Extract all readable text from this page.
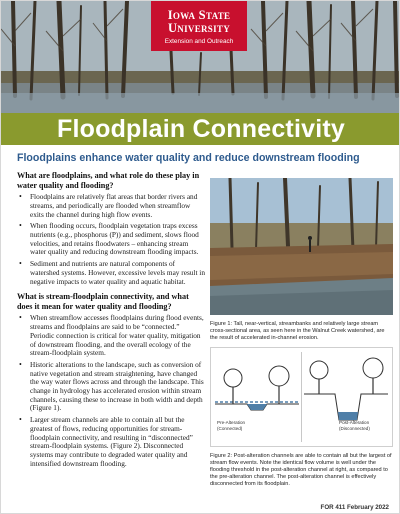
Iowa State University
Extension and Outreach
Floodplain Connectivity
Floodplains enhance water quality and reduce downstream flooding
What are floodplains, and what role do these play in water quality and flooding?
• Floodplains are relatively flat areas that border rivers and streams, and periodically are flooded when streamflow exits the channel during high flow events.
• When flooding occurs, floodplain vegetation traps excess nutrients (e.g., phosphorus (P)) and sediment, slows flood velocities, and retains floodwaters – enhancing stream water quality and reducing downstream flooding impacts.
• Sediment and nutrients are natural components of watershed systems. However, excessive levels may result in negative impacts to water quality and aquatic habitat.
What is stream-floodplain connectivity, and what does it mean for water quality and flooding?
• When streamflow accesses floodplains during flood events, streams and floodplains are said to be “connected.” Periodic connection is critical for water quality, mitigation of downstream flooding, and the overall ecology of the stream-floodplain system.
• Historic alterations to the landscape, such as conversion of native vegetation and stream straightening, have changed the way water flows across and through the landscape. This change in hydrology has accelerated erosion within stream channels, causing these to increase in both width and depth (Figure 1).
• Larger stream channels are able to contain all but the greatest of flows, reducing opportunities for stream-floodplain connectivity, and resulting in “disconnected” stream-floodplain systems. (Figure 2). Disconnected systems may contribute to degraded water quality and intensified downstream flooding.
Figure 1: Tall, near-vertical, streambanks and relatively large stream cross-sectional area, as seen here in the Walnut Creek watershed, are the result of accelerated in-channel erosion.
Pre-Alteration (Connected)
Post-Alteration (Disconnected)
Figure 2: Post-alteration channels are able to contain all but the largest of stream flow events. Note the identical flow volume is well under the flooding threshold in the post-alteration channel at right, as compared to the pre-alteration channel. The post-alteration channel is effectively disconnected from its floodplain.
FOR 411 February 2022
